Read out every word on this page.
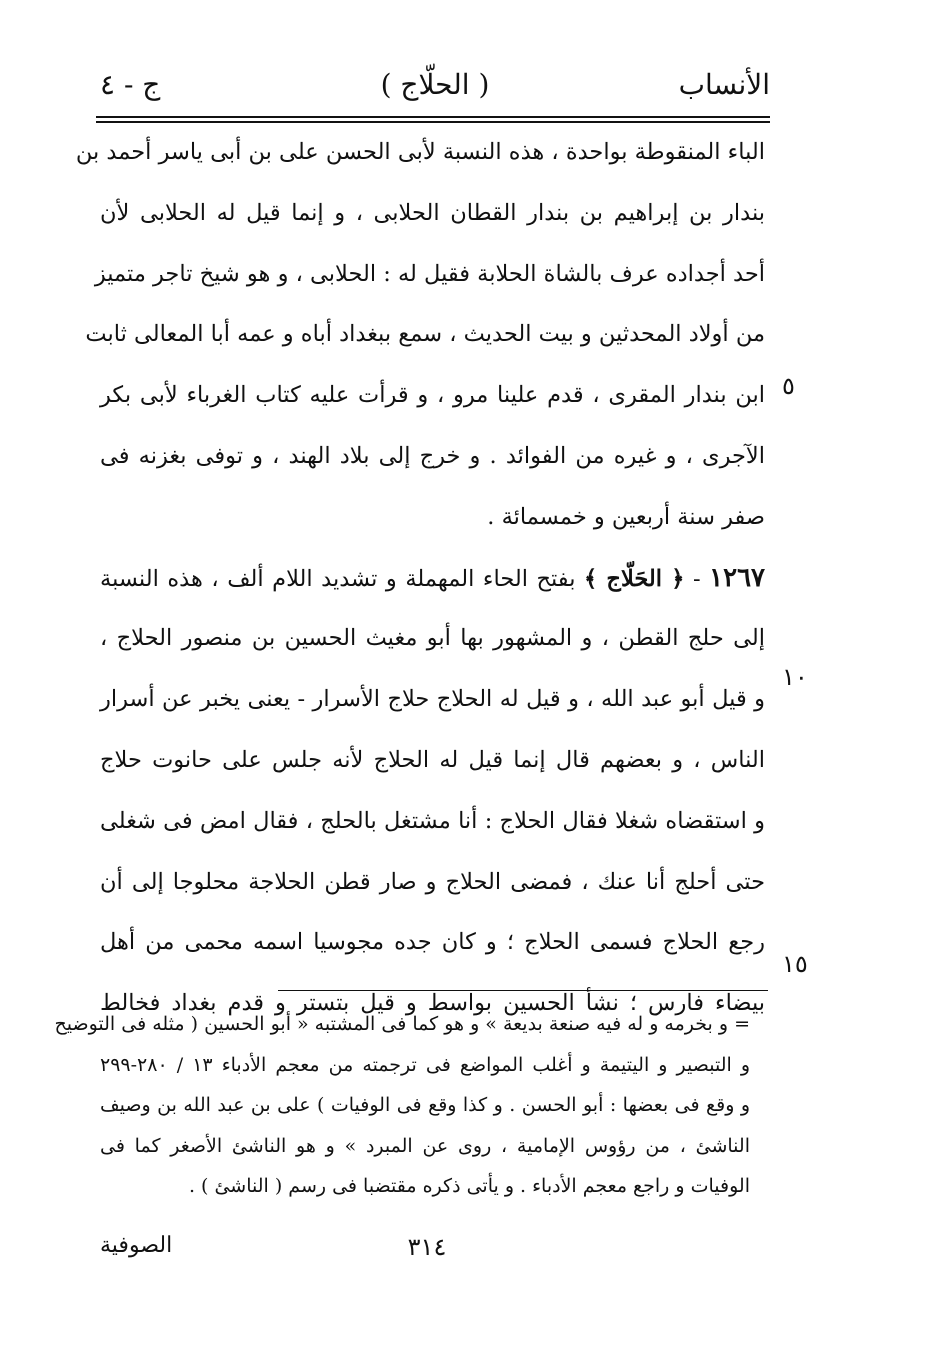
الأنساب
( الحلّاج )
ج - ٤
الباء المنقوطة بواحدة ، هذه النسبة لأبى الحسن على بن أبى ياسر أحمد بن
بندار بن إبراهيم بن بندار القطان الحلابى ، و إنما قيل له الحلابى لأن
أحد أجداده عرف بالشاة الحلابة فقيل له : الحلابى ، و هو شيخ تاجر متميز
من أولاد المحدثين و بيت الحديث ، سمع ببغداد أباه و عمه أبا المعالى ثابت
ابن بندار المقرى ، قدم علينا مرو ، و قرأت عليه كتاب الغرباء لأبى بكر
الآجرى ، و غيره من الفوائد . و خرج إلى بلاد الهند ، و توفى بغزنه فى
صفر سنة أربعين و خمسمائة .
١٢٦٧ - ﴿ الحَلّاج ﴾ بفتح الحاء المهملة و تشديد اللام ألف ، هذه النسبة
إلى حلج القطن ، و المشهور بها أبو مغيث الحسين بن منصور الحلاج ،
و قيل أبو عبد الله ، و قيل له الحلاج حلاج الأسرار - يعنى يخبر عن أسرار
الناس ، و بعضهم قال إنما قيل له الحلاج لأنه جلس على حانوت حلاج
و استقضاه شغلا فقال الحلاج : أنا مشتغل بالحلج ، فقال امض فى شغلى
حتى أحلج أنا عنك ، فمضى الحلاج و صار قطن الحلاجة محلوجا إلى أن
رجع الحلاج فسمى الحلاج ؛ و كان جده مجوسيا اسمه محمى من أهل
بيضاء فارس ؛ نشأ الحسين بواسط و قيل بتستر و قدم بغداد فخالط
٥
١٠
١٥
= و بخرمه و له فيه صنعة بديعة » و هو كما فى المشتبه « أبو الحسين ( مثله فى التوضيح
و التبصير و اليتيمة و أغلب المواضع فى ترجمته من معجم الأدباء ١٣ / ٢٨٠-٢٩٩
و وقع فى بعضها : أبو الحسن . و كذا وقع فى الوفيات ) على بن عبد الله بن وصيف
الناشئ ، من رؤوس الإمامية ، روى عن المبرد » و هو الناشئ الأصغر كما فى
الوفيات و راجع معجم الأدباء . و يأتى ذكره مقتضبا فى رسم ( الناشئ ) .
٣١٤
الصوفية
